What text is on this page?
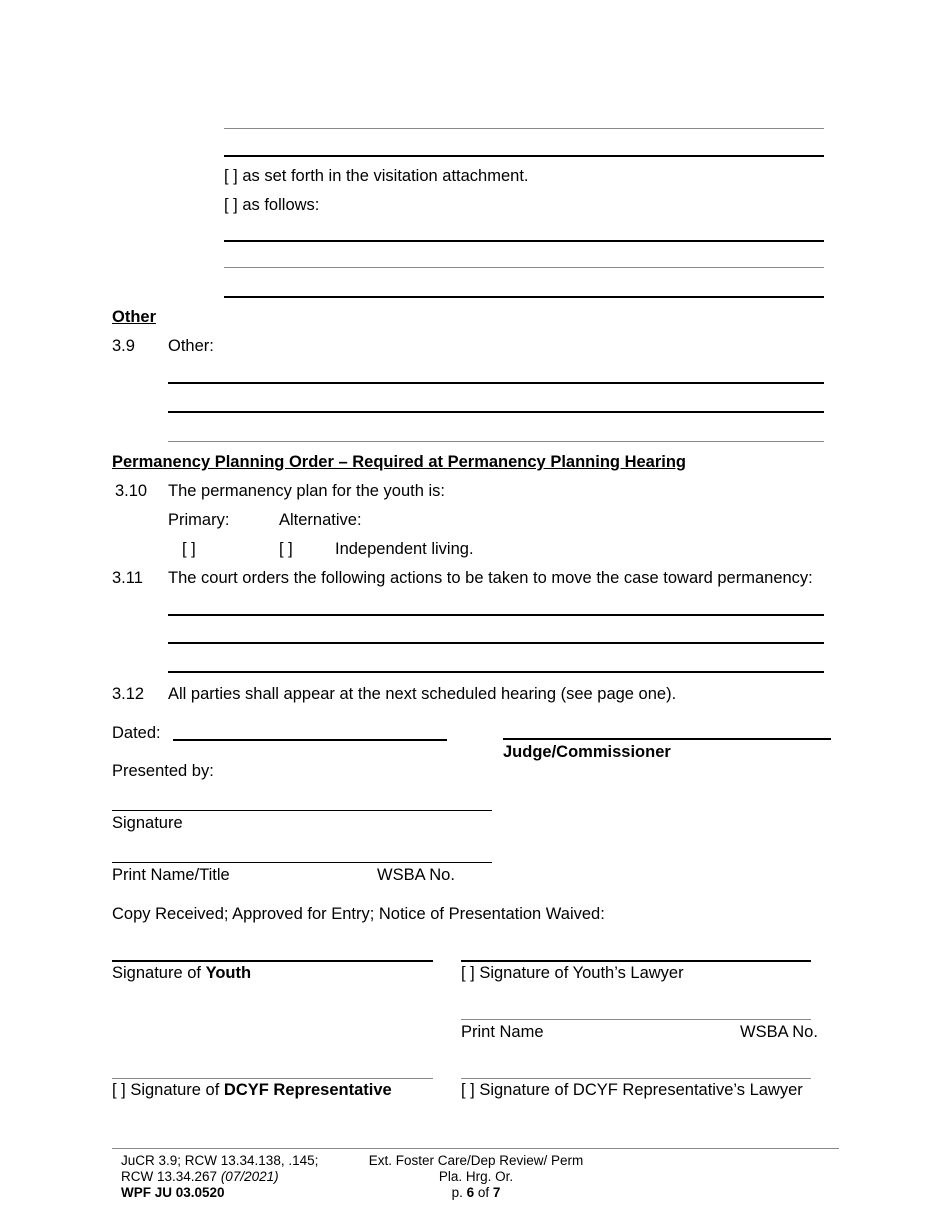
[ ] as set forth in the visitation attachment.
[ ] as follows:
Other
3.9 Other:
Permanency Planning Order – Required at Permanency Planning Hearing
3.10 The permanency plan for the youth is:
Primary:	Alternative:
[ ]	[ ]	Independent living.
3.11 The court orders the following actions to be taken to move the case toward permanency:
3.12 All parties shall appear at the next scheduled hearing (see page one).
Dated:
Judge/Commissioner
Presented by:
Signature
Print Name/Title	WSBA No.
Copy Received; Approved for Entry; Notice of Presentation Waived:
Signature of Youth	[ ] Signature of Youth’s Lawyer
Print Name	WSBA No.
[ ] Signature of DCYF Representative	[ ] Signature of DCYF Representative’s Lawyer
JuCR 3.9; RCW 13.34.138, .145;
RCW 13.34.267 (07/2021)
WPF JU 03.0520
Ext. Foster Care/Dep Review/ Perm
Pla. Hrg. Or.
p. 6 of 7
